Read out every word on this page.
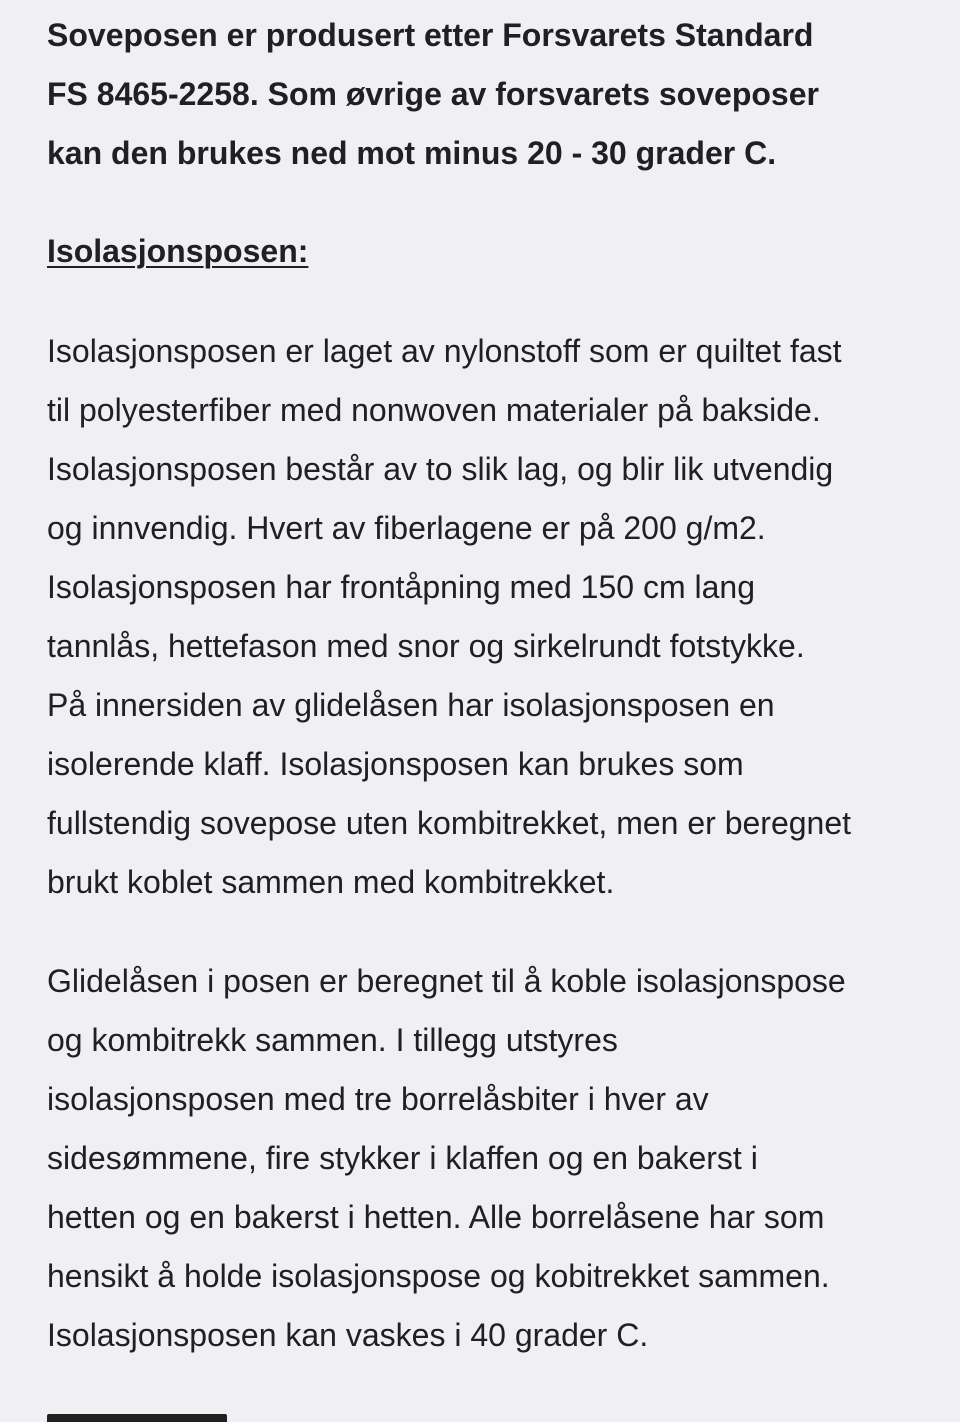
Soveposen er produsert etter Forsvarets Standard
FS 8465-2258. Som øvrige av forsvarets soveposer
kan den brukes ned mot minus 20 - 30 grader C.

Isolasjonsposen:

Isolasjonsposen er laget av nylonstoff som er quiltet fast
til polyesterfiber med nonwoven materialer på bakside.
Isolasjonsposen består av to slik lag, og blir lik utvendig
og innvendig. Hvert av fiberlagene er på 200 g/m2.
Isolasjonsposen har frontåpning med 150 cm lang
tannlås, hettefason med snor og sirkelrundt fotstykke.
På innersiden av glidelåsen har isolasjonsposen en
isolerende klaff. Isolasjonsposen kan brukes som
fullstendig sovepose uten kombitrekket, men er beregnet
brukt koblet sammen med kombitrekket.

Glidelåsen i posen er beregnet til å koble isolasjonspose
og kombitrekk sammen. I tillegg utstyres
isolasjonsposen med tre borrelåsbiter i hver av
sidesømmene, fire stykker i klaffen og en bakerst i
hetten og en bakerst i hetten. Alle borrelåsene har som
hensikt å holde isolasjonspose og kobitrekket sammen.
Isolasjonsposen kan vaskes i 40 grader C.
